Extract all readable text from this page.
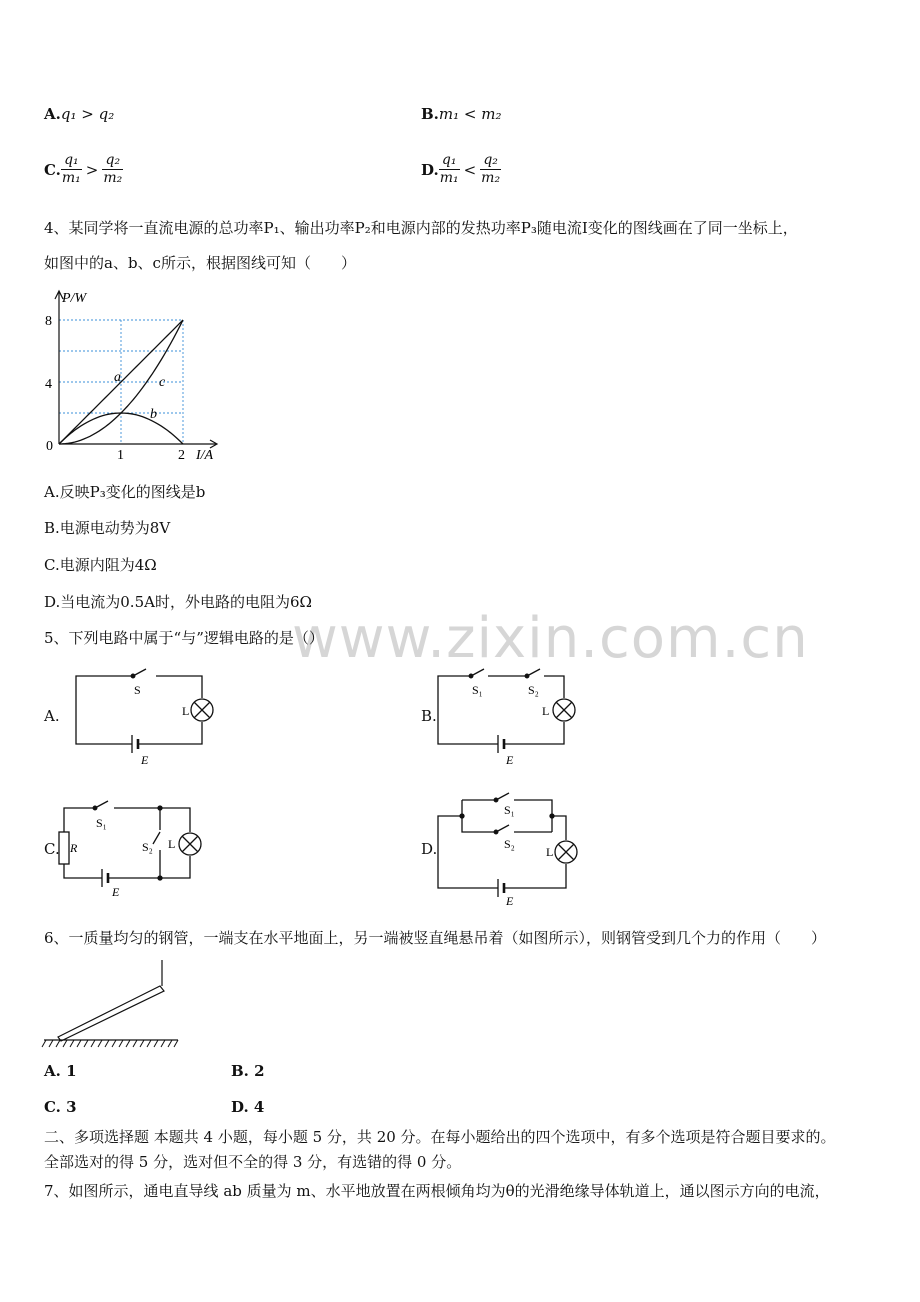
A.q₁ > q₂	B.m₁ < m₂
C. $\frac{\text{q₁}}{\text{m₁}} > \frac{\text{q₂}}{\text{m₂}}$	D. $\frac{\text{q₁}}{\text{m₁}} < \frac{\text{q₂}}{\text{m₂}}$
4、某同学将一直流电源的总功率P₁、输出功率P₂和电源内部的发热功率P₃随电流I变化的图线画在了同一坐标上，
如图中的a、b、c所示，根据图线可知（　　）
P/W
I/A
8
4
0
1	2
a	c
b
A.反映P₃变化的图线是b
B.电源电动势为8V
C.电源内阻为4Ω
D.当电流为0.5A时，外电路的电阻为6Ω
www.zixin.com.cn
5、下列电路中属于“与”逻辑电路的是（）
A.
S
L
E
B.
S₁	S₂
L
E
C.
S₁
S₂ L
R
E
D.
S₁
S₂
L
E
6、一质量均匀的钢管，一端支在水平地面上，另一端被竖直绳悬吊着（如图所示），则钢管受到几个力的作用（　　）
A. 1	B. 2
C. 3	D. 4
二、多项选择题 本题共 4 小题，每小题 5 分，共 20 分。在每小题给出的四个选项中，有多个选项是符合题目要求的。
全部选对的得 5 分，选对但不全的得 3 分，有选错的得 0 分。
7、如图所示，通电直导线 ab 质量为 m、水平地放置在两根倾角均为θ的光滑绝缘导体轨道上，通以图示方向的电流，
